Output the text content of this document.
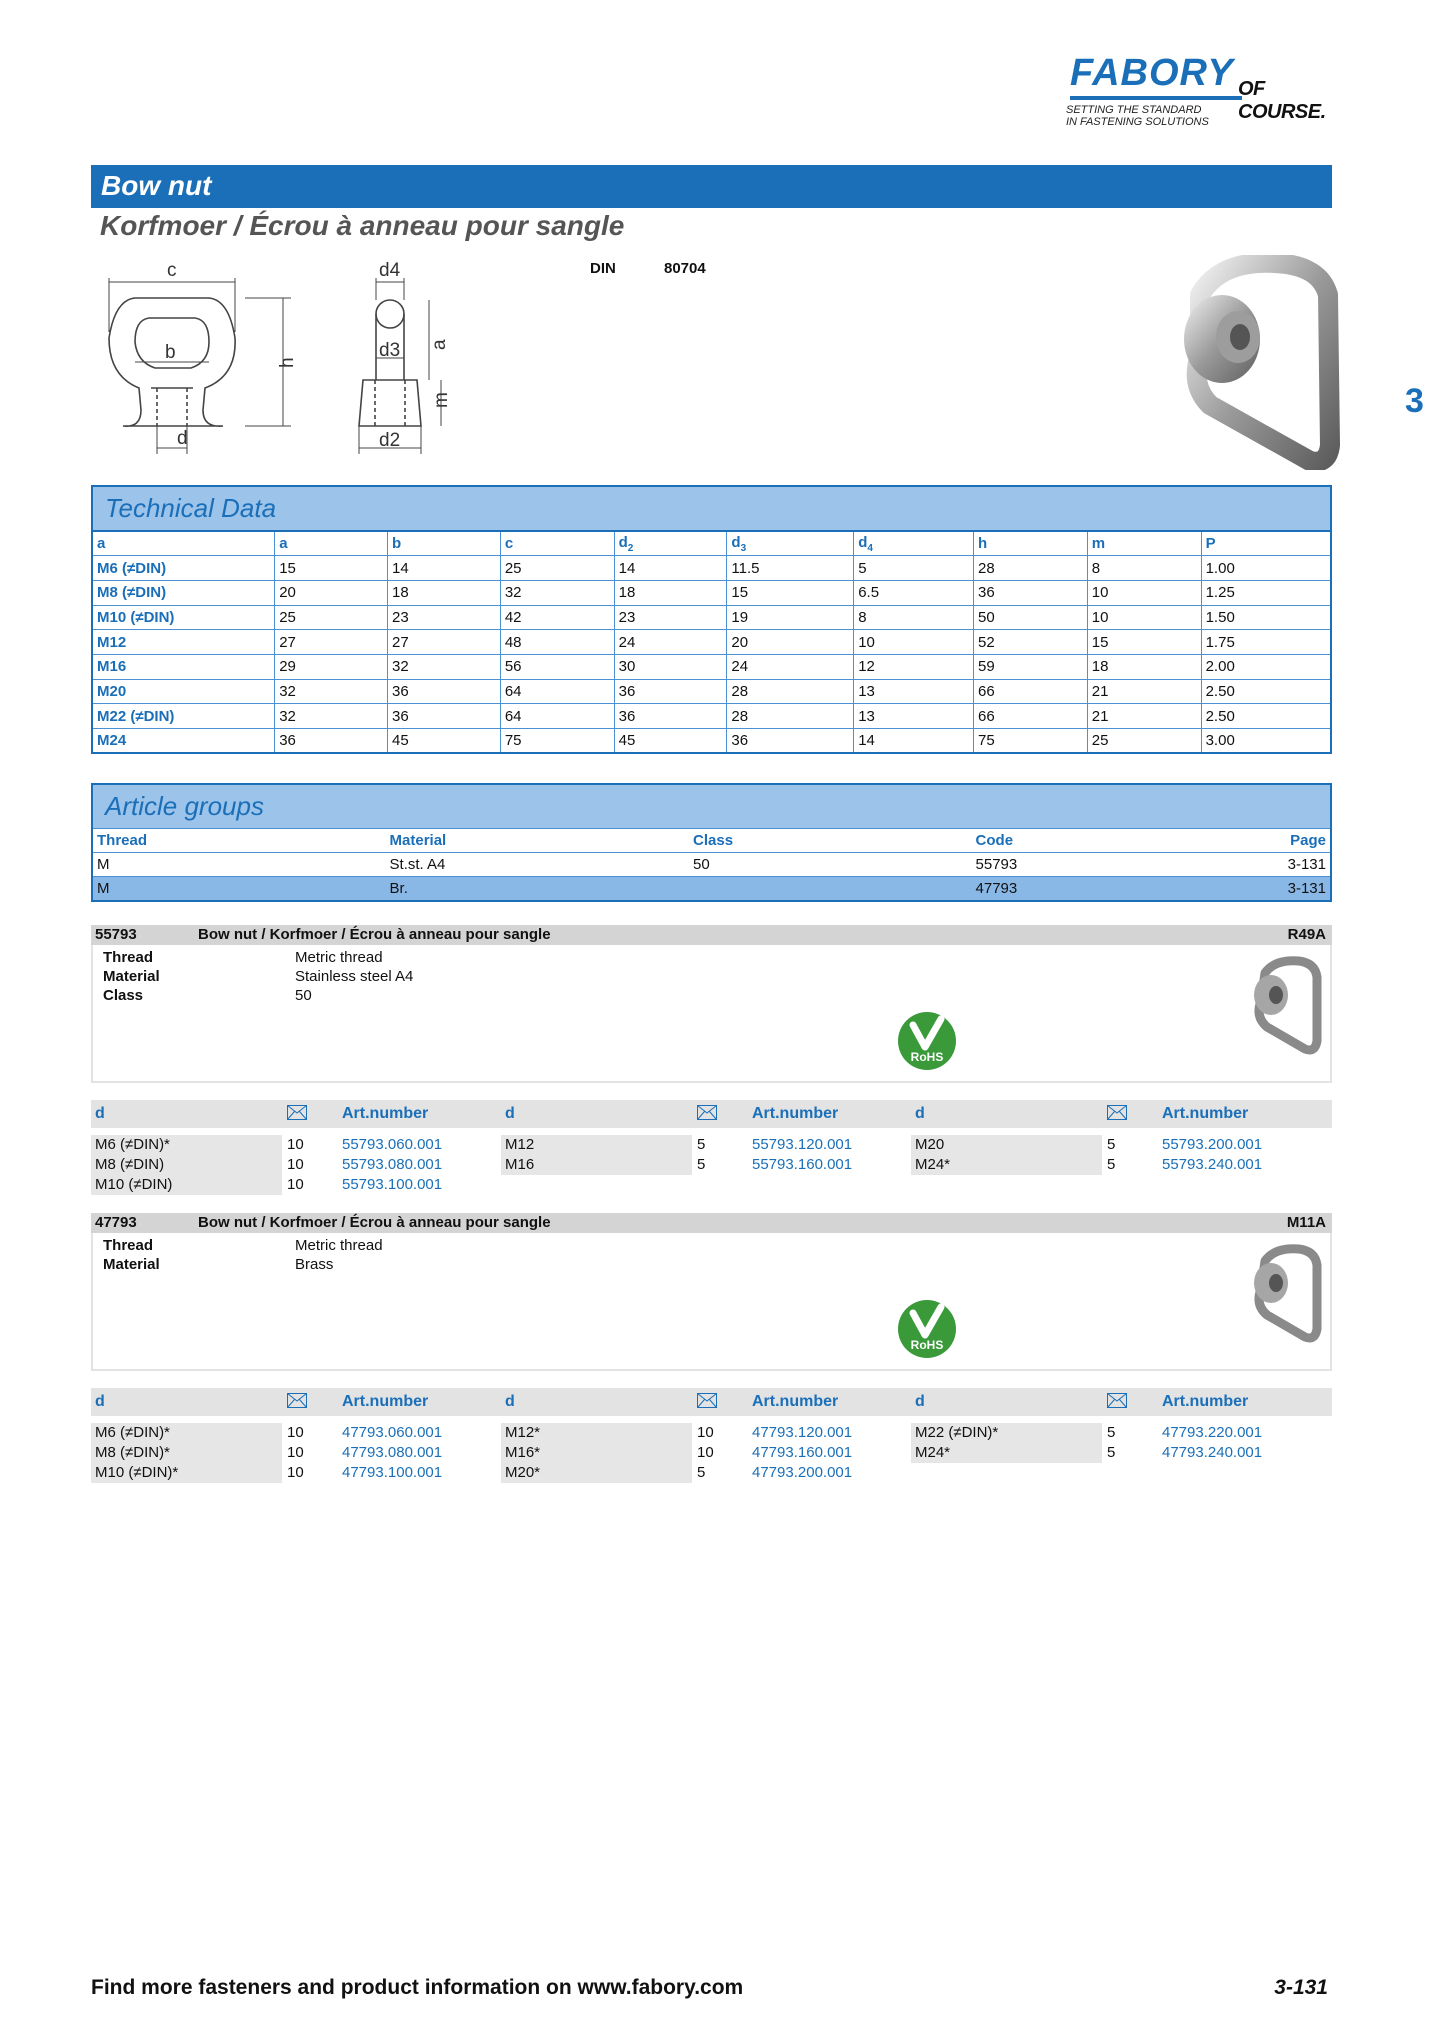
FABORY OF COURSE.
SETTING THE STANDARD
IN FASTENING SOLUTIONS
3
Bow nut
Korfmoer / Écrou à anneau pour sangle
DIN	80704
c
b	h
d
d4
d3 a
m
d2
Technical Data
a	a	b	c	$d_2$	$d_3$	$d_4$	h	m	P
M6 (≠DIN)	15	14	25	14	11.5	5	28	8	1.00
M8 (≠DIN)	20	18	32	18	15	6.5	36	10	1.25
M10 (≠DIN)	25	23	42	23	19	8	50	10	1.50
M12	27	27	48	24	20	10	52	15	1.75
M16	29	32	56	30	24	12	59	18	2.00
M20	32	36	64	36	28	13	66	21	2.50
M22 (≠DIN)	32	36	64	36	28	13	66	21	2.50
M24	36	45	75	45	36	14	75	25	3.00
Article groups
Thread	Material	Class	Code	Page
M	St.st. A4	50	55793	3-131
M	Br.		47793	3-131
55793	Bow nut / Korfmoer / Écrou à anneau pour sangle	R49A
Thread	Metric thread
Material	Stainless steel A4
Class	50
RoHS
d	Art.number	d	Art.number	d	Art.number
M6 (≠DIN)*	10	55793.060.001
M8 (≠DIN)	10	55793.080.001
M10 (≠DIN)	10	55793.100.001
M12	5	55793.120.001
M16	5	55793.160.001
M20	5	55793.200.001
M24*	5	55793.240.001
47793	Bow nut / Korfmoer / Écrou à anneau pour sangle	M11A
Thread	Metric thread
Material	Brass
RoHS
d	Art.number	d	Art.number	d	Art.number
M6 (≠DIN)*	10	47793.060.001
M8 (≠DIN)*	10	47793.080.001
M10 (≠DIN)*	10	47793.100.001
M12*	10	47793.120.001
M16*	10	47793.160.001
M20*	5	47793.200.001
M22 (≠DIN)*	5	47793.220.001
M24*	5	47793.240.001
Find more fasteners and product information on www.fabory.com	3-131
